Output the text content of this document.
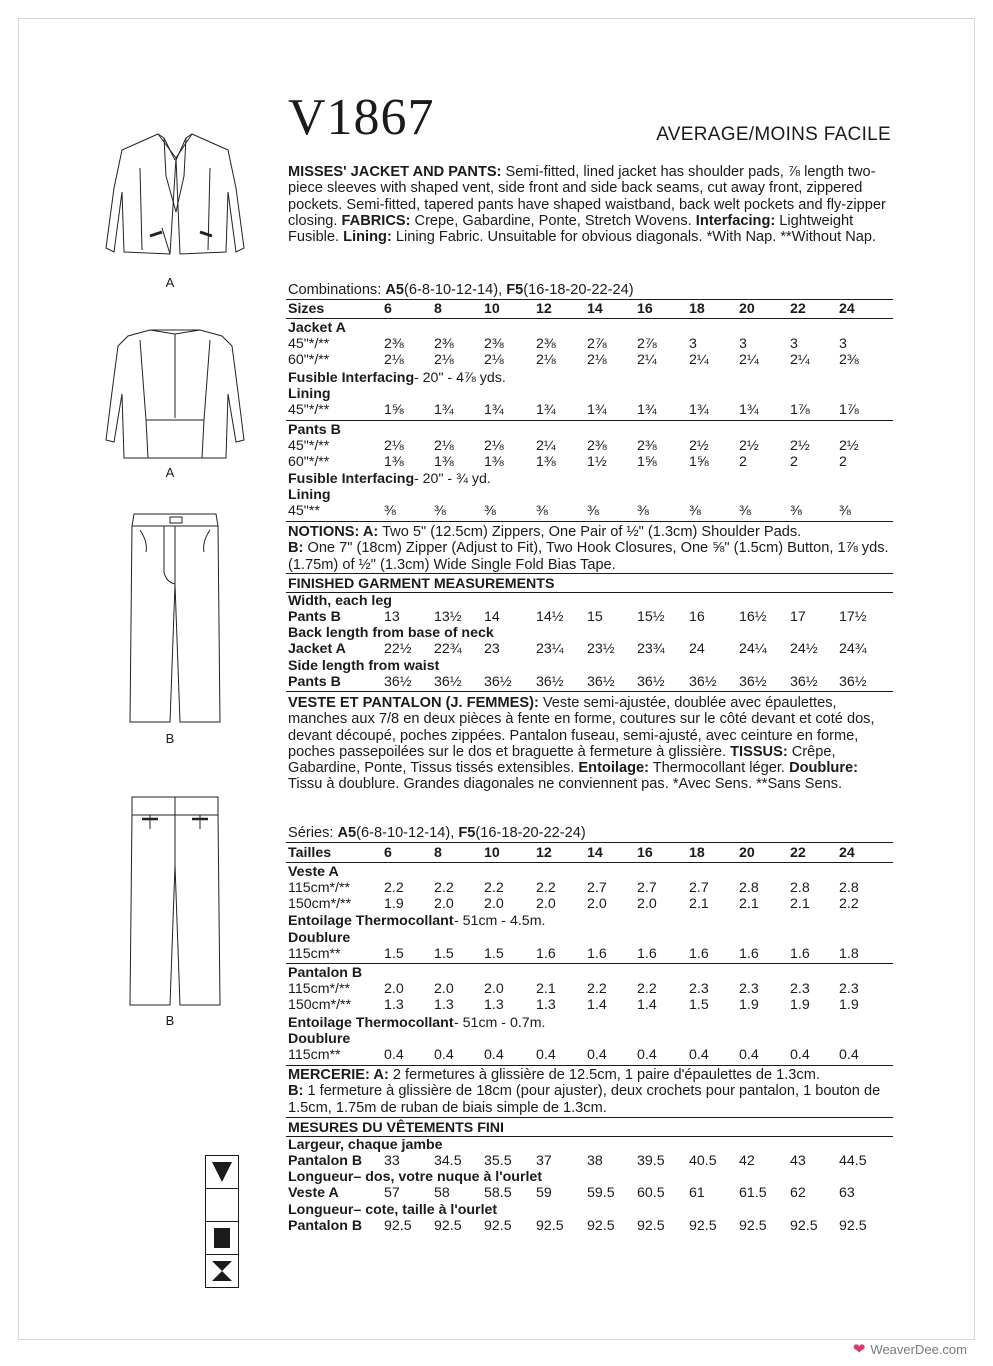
V1867	AVERAGE/MOINS FACILE
A
A
B
B
MISSES' JACKET AND PANTS: Semi-fitted, lined jacket has shoulder pads, ⅞ length two-piece sleeves with shaped vent, side front and side back seams, cut away front, zippered pockets. Semi-fitted, tapered pants have shaped waistband, back welt pockets and fly-zipper closing. FABRICS: Crepe, Gabardine, Ponte, Stretch Wovens. Interfacing: Lightweight Fusible. Lining: Lining Fabric. Unsuitable for obvious diagonals. *With Nap. **Without Nap.
Combinations: A5(6-8-10-12-14), F5(16-18-20-22-24)
Sizes	6	8	10	12	14	16	18	20	22	24
Jacket A
45"*/**	2⅜	2⅜	2⅜	2⅜	2⅞	2⅞	3	3	3	3
60"*/**	2⅛	2⅛	2⅛	2⅛	2⅛	2¼	2¼	2¼	2¼	2⅜
Fusible Interfacing - 20" - 4⅞ yds.
Lining
45"*/**	1⅝	1¾	1¾	1¾	1¾	1¾	1¾	1¾	1⅞	1⅞
Pants B
45"*/**	2⅛	2⅛	2⅛	2¼	2⅜	2⅜	2½	2½	2½	2½
60"*/**	1⅜	1⅜	1⅜	1⅜	1½	1⅝	1⅝	2	2	2
Fusible Interfacing - 20" - ¾ yd.
Lining
45"**	⅜	⅜	⅜	⅜	⅜	⅜	⅜	⅜	⅜	⅜
NOTIONS: A: Two 5" (12.5cm) Zippers, One Pair of ½" (1.3cm) Shoulder Pads.
B: One 7" (18cm) Zipper (Adjust to Fit), Two Hook Closures, One ⅝" (1.5cm) Button, 1⅞ yds. (1.75m) of ½" (1.3cm) Wide Single Fold Bias Tape.
FINISHED GARMENT MEASUREMENTS
Width, each leg
Pants B	13	13½	14	14½	15	15½	16	16½	17	17½
Back length from base of neck
Jacket A	22½	22¾	23	23¼	23½	23¾	24	24¼	24½	24¾
Side length from waist
Pants B	36½	36½	36½	36½	36½	36½	36½	36½	36½	36½
VESTE ET PANTALON (J. FEMMES): Veste semi-ajustée, doublée avec épaulettes, manches aux 7/8 en deux pièces à fente en forme, coutures sur le côté devant et coté dos, devant découpé, poches zippées. Pantalon fuseau, semi-ajusté, avec ceinture en forme, poches passepoilées sur le dos et braguette à fermeture à glissière. TISSUS: Crêpe, Gabardine, Ponte, Tissus tissés extensibles. Entoilage: Thermocollant léger. Doublure: Tissu à doublure. Grandes diagonales ne conviennent pas. *Avec Sens. **Sans Sens.
Séries: A5(6-8-10-12-14), F5(16-18-20-22-24)
Tailles	6	8	10	12	14	16	18	20	22	24
Veste A
115cm*/** 2.2	2.2	2.2	2.2	2.7	2.7	2.7	2.8	2.8	2.8
150cm*/** 1.9	2.0	2.0	2.0	2.0	2.0	2.1	2.1	2.1	2.2
Entoilage Thermocollant - 51cm - 4.5m.
Doublure
115cm**	1.5	1.5	1.5	1.6	1.6	1.6	1.6	1.6	1.6	1.8
Pantalon B
115cm*/** 2.0	2.0	2.0	2.1	2.2	2.2	2.3	2.3	2.3	2.3
150cm*/** 1.3	1.3	1.3	1.3	1.4	1.4	1.5	1.9	1.9	1.9
Entoilage Thermocollant - 51cm - 0.7m.
Doublure
115cm**	0.4	0.4	0.4	0.4	0.4	0.4	0.4	0.4	0.4	0.4
MERCERIE: A: 2 fermetures à glissière de 12.5cm, 1 paire d'épaulettes de 1.3cm.
B: 1 fermeture à glissière de 18cm (pour ajuster), deux crochets pour pantalon, 1 bouton de 1.5cm, 1.75m de ruban de biais simple de 1.3cm.
MESURES DU VÊTEMENTS FINI
Largeur, chaque jambe
Pantalon B 33	34.5	35.5	37	38	39.5	40.5	42	43	44.5
Longueur– dos, votre nuque à l'ourlet
Veste A	57	58	58.5	59	59.5	60.5	61	61.5	62	63
Longueur– cote, taille à l'ourlet
Pantalon B 92.5	92.5	92.5	92.5	92.5	92.5	92.5	92.5	92.5	92.5
❤ WeaverDee.com
